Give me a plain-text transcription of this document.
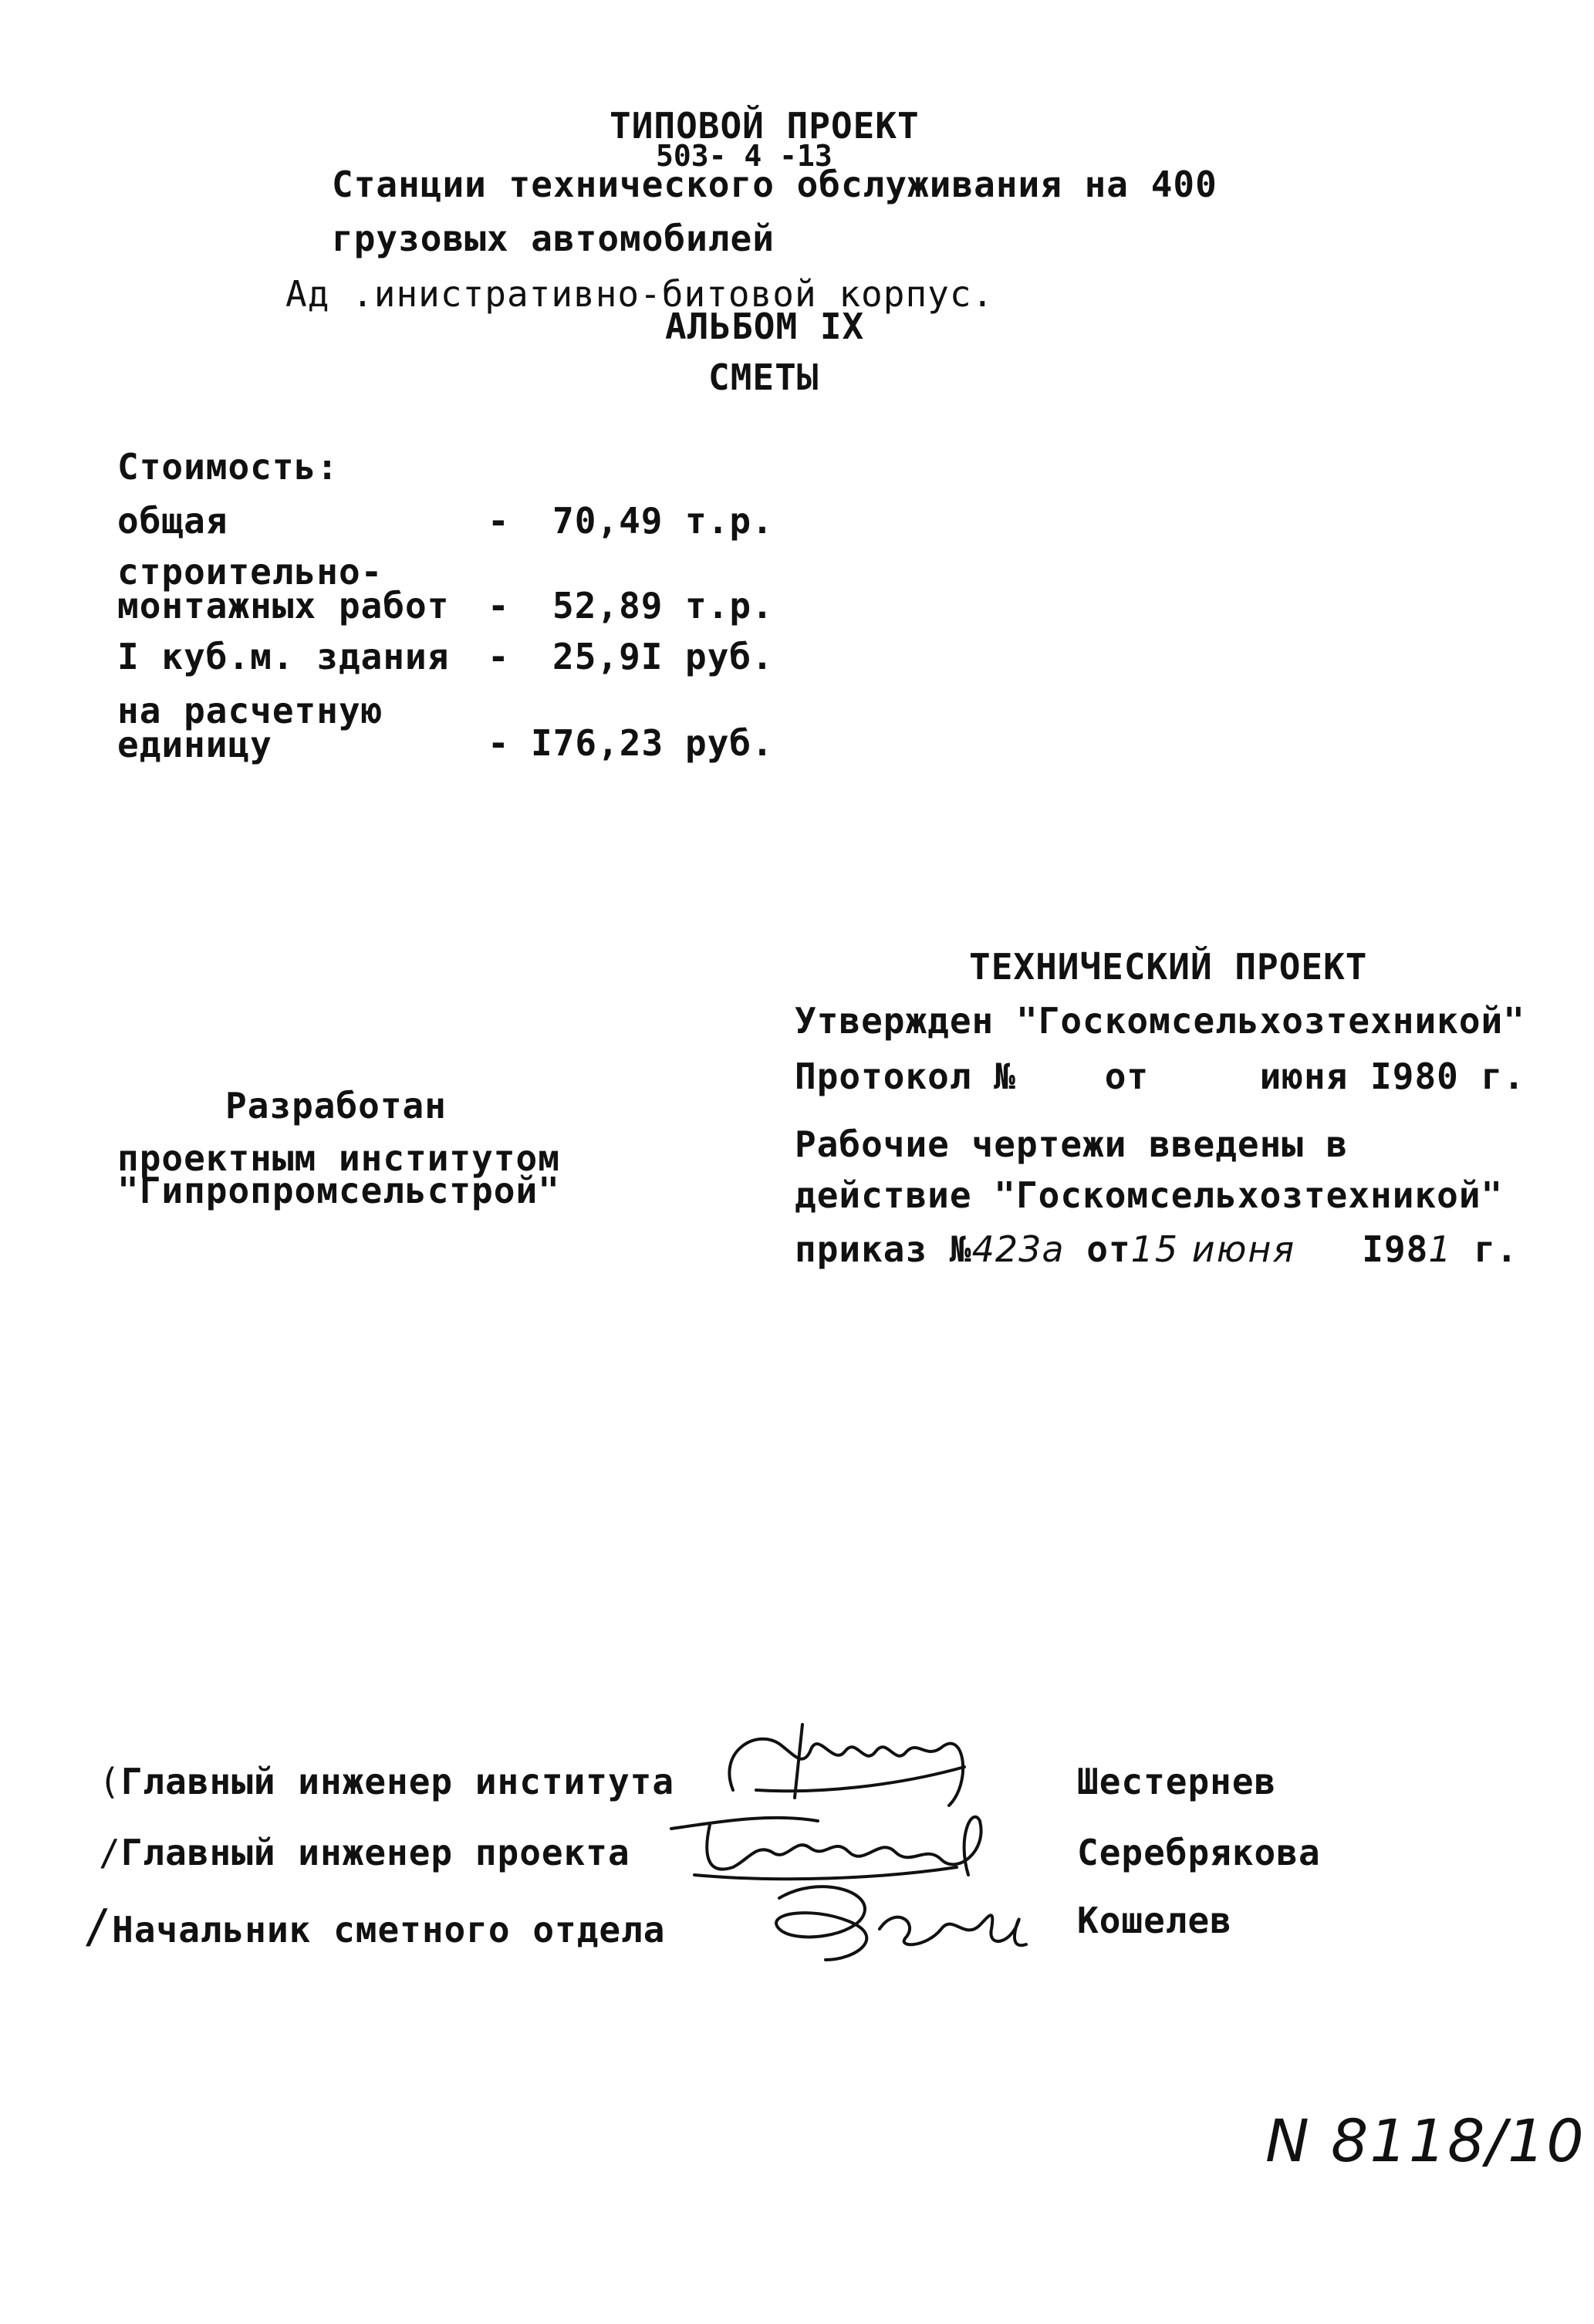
ТИПОВОЙ ПРОЕКТ
503- 4 -13
Станции технического обслуживания на 400
грузовых автомобилей
Ад .инистративно-битовой корпус.
АЛЬБОМ IX
СМЕТЫ
Стоимость:
общая	- 70,49 т.р.
строительно-
монтажных работ - 52,89 т.р.
I куб.м. здания - 25,9I руб.
на расчетную
единицу	- I76,23 руб.
ТЕХНИЧЕСКИЙ ПРОЕКТ
Утвержден "Госкомсельхозтехникой"
Протокол №    от     июня I980 г.
Рабочие чертежи введены в
действие "Госкомсельхозтехникой"
приказ №423а от15 июня I981 г.
Разработан
проектным институтом
"Гипропромсельстрой"
(Главный инженер института	Шестернев
/Главный инженер проекта	Серебрякова
/Начальник сметного отдела	Кошелев
N 8118/10
